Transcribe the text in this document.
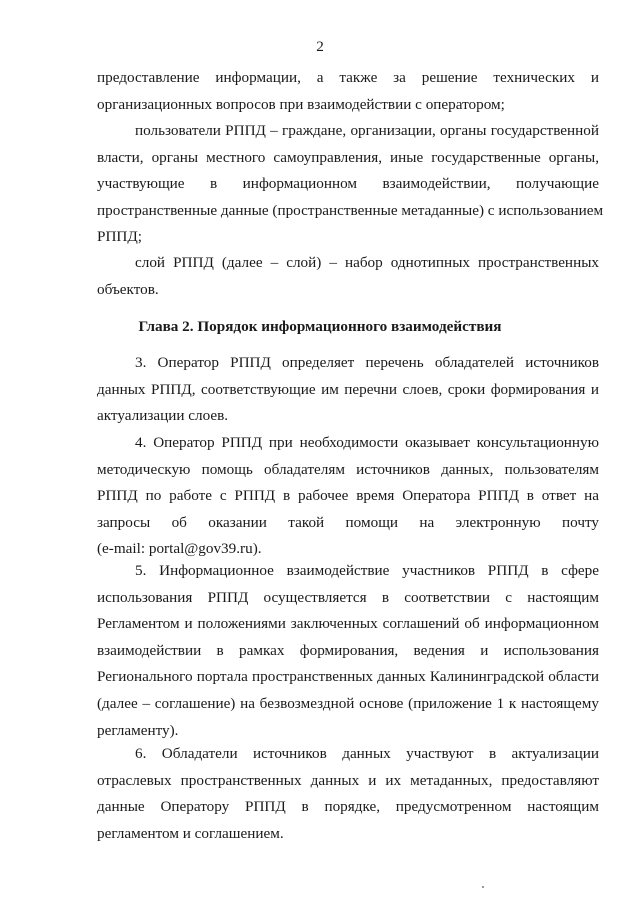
2
предоставление информации, а также за решение технических и
организационных вопросов при взаимодействии с оператором;
пользователи РППД – граждане, организации, органы государственной
власти, органы местного самоуправления, иные государственные органы,
участвующие в информационном взаимодействии, получающие
пространственные данные (пространственные метаданные) с использованием
РППД;
слой РППД (далее – слой) – набор однотипных пространственных
объектов.
Глава 2. Порядок информационного взаимодействия
3. Оператор РППД определяет перечень обладателей источников
данных РППД, соответствующие им перечни слоев, сроки формирования и
актуализации слоев.
4. Оператор РППД при необходимости оказывает консультационную
методическую помощь обладателям источников данных, пользователям
РППД по работе с РППД в рабочее время Оператора РППД в ответ на
запросы об оказании такой помощи на электронную почту
(e-mail: portal@gov39.ru).
5. Информационное взаимодействие участников РППД в сфере
использования РППД осуществляется в соответствии с настоящим
Регламентом и положениями заключенных соглашений об информационном
взаимодействии в рамках формирования, ведения и использования
Регионального портала пространственных данных Калининградской области
(далее – соглашение) на безвозмездной основе (приложение 1 к настоящему
регламенту).
6. Обладатели источников данных участвуют в актуализации
отраслевых пространственных данных и их метаданных, предоставляют
данные Оператору РППД в порядке, предусмотренном настоящим
регламентом и соглашением.
